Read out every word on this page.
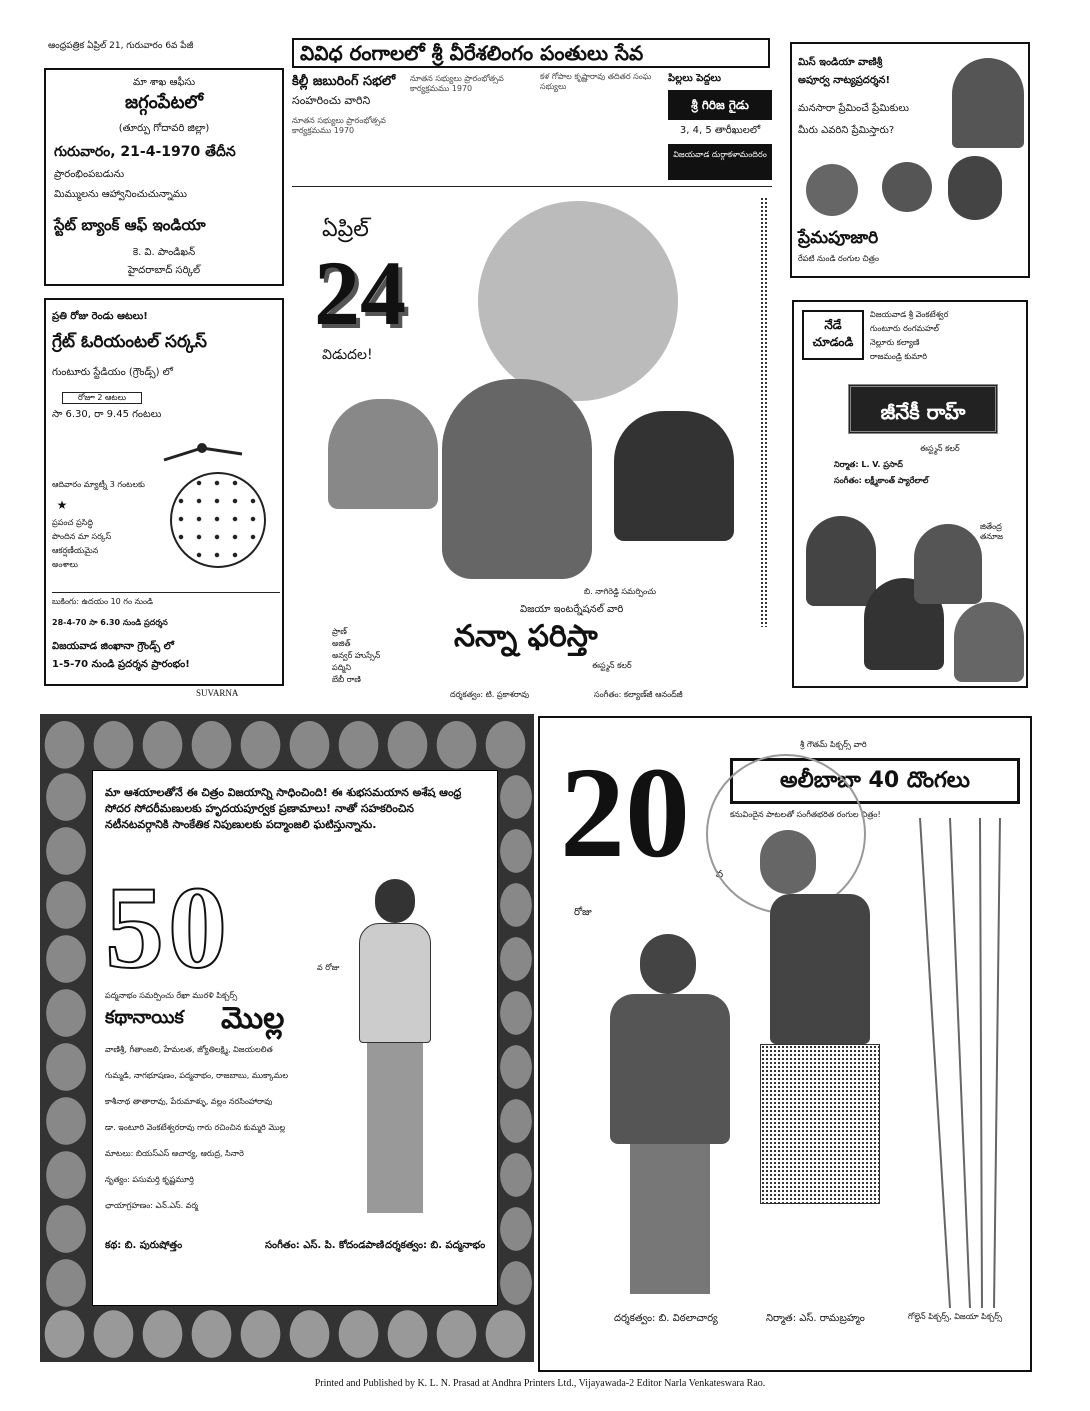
ఆంధ్రపత్రిక ఏప్రిల్ 21, గురువారం 6వ పేజీ	వివిధ రంగాలలో శ్రీ వీరేశలింగం పంతులు సేవ
మా శాఖ ఆఫీసు
జగ్గంపేటలో
(తూర్పు గోదావరి జిల్లా)
గురువారం, 21-4-1970 తేదీన
ప్రారంభింపబడును
మిమ్ములను ఆహ్వానించుచున్నాము
స్టేట్ బ్యాంక్ ఆఫ్ ఇండియా
కె. వి. పాండిఖన్
హైదరాబాద్ సర్కిల్
కిల్లీ జబురింగ్ సభలో
సంహరించు వారిని
నూతన సభ్యులు ప్రారంభోత్సవ కార్యక్రమము 1970
నూతన సభ్యులు ప్రారంభోత్సవ కార్యక్రమము 1970
కళ గోపాల కృష్ణారావు తదితర సంఘ సభ్యులు
పిల్లలు పెద్దలు
శ్రీ గిరిజ గైడు
3, 4, 5 తారీఖులలో
విజయవాడ దుర్గాకళామందిరం
మిస్ ఇండియా వాణిశ్రీ
అపూర్వ నాట్యప్రదర్శన!
మనసారా ప్రేమించే ప్రేమికులు
మీరు ఎవరిని ప్రేమిస్తారు?
ప్రేమపూజారి
రేపటి నుండి రంగుల చిత్రం
ప్రతి రోజు రెండు ఆటలు!
గ్రేట్ ఓరియంటల్ సర్కస్
గుంటూరు స్టేడియం (గ్రౌండ్స్) లో
రోజూ 2 ఆటలు
సా 6.30, రా 9.45 గంటలు
ఆదివారం మ్యాట్నీ 3 గంటలకు
★
ప్రపంచ ప్రసిద్ధి
పొందిన మా సర్కస్
ఆకర్షణీయమైన
అంశాలు
బుకింగు: ఉదయం 10 గం నుండి
28-4-70 సా 6.30 నుండి ప్రదర్శన
విజయవాడ జింఖానా గ్రౌండ్స్ లో
1-5-70 నుండి ప్రదర్శన ప్రారంభం!
SUVARNA
ఏప్రిల్
24
విడుదల!
బి. నాగిరెడ్డి సమర్పించు
విజయా ఇంటర్నేషనల్ వారి
ప్రాణ్
అజిత్
అన్వర్ హుస్సేన్
పద్మిని
బేబీ రాణి
నన్నా ఫరిస్తా
ఈస్ట్మన్ కలర్
దర్శకత్వం: టి. ప్రకాశరావు	సంగీతం: కల్యాణ్‌జీ ఆనంద్‌జీ
నేడే చూడండి
విజయవాడ శ్రీ వెంకటేశ్వర
గుంటూరు రంగమహల్
నెల్లూరు కల్యాణి
రాజమండ్రి కుమారి
జీనేకీ రాహ్
ఈస్ట్మన్ కలర్
నిర్మాత: L. V. ప్రసాద్
సంగీతం: లక్ష్మీకాంత్ ప్యారేలాల్
జితేంద్ర తనూజ
మా ఆశయాలతోనే ఈ చిత్రం విజయాన్ని సాధించింది! ఈ శుభసమయాన అశేష ఆంధ్ర సోదర సోదరీమణులకు హృదయపూర్వక ప్రణామాలు! నాతో సహకరించిన నటీనటవర్గానికి సాంకేతిక నిపుణులకు పద్మాంజలి ఘటిస్తున్నాను.
50	వ రోజు
పద్మనాభం సమర్పించు రేఖా మురళి పిక్చర్స్
కథానాయిక	మొల్ల
వాణిశ్రీ, గీతాంజలి, హేమలత, జ్యోతిలక్ష్మి, విజయలలిత
గుమ్మడి, నాగభూషణం, పద్మనాభం, రాజబాబు, ముక్కామల
కాశీనాథ తాతారావు, పేరుమాళ్ళు, వల్లం నరసింహారావు
డా. ఇంటూరి వెంకటేశ్వరరావు గారు రచించిన కుమ్మరి మొల్ల
మాటలు: బియస్ఎస్ ఆచార్య, ఆరుద్ర, సినారె
నృత్యం: పసుమర్తి కృష్ణమూర్తి
ఛాయాగ్రహణం: ఎన్.ఎస్. వర్మ
కథ: బి. పురుషోత్తం	సంగీతం: ఎస్. పి. కోదండపాణి దర్శకత్వం: బి. పద్మనాభం
శ్రీ గౌతమ్ పిక్చర్స్ వారి
అలీబాబా 40 దొంగలు
కనువిందైన పాటలతో సంగీతభరిత రంగుల చిత్రం!
20	వ
రోజు
దర్శకత్వం: బి. విఠలాచార్య	నిర్మాత: ఎస్. రామబ్రహ్మం	గోల్డెన్ పిక్చర్స్, విజయా పిక్చర్స్
Printed and Published by K. L. N. Prasad at Andhra Printers Ltd., Vijayawada-2 Editor Narla Venkateswara Rao.
